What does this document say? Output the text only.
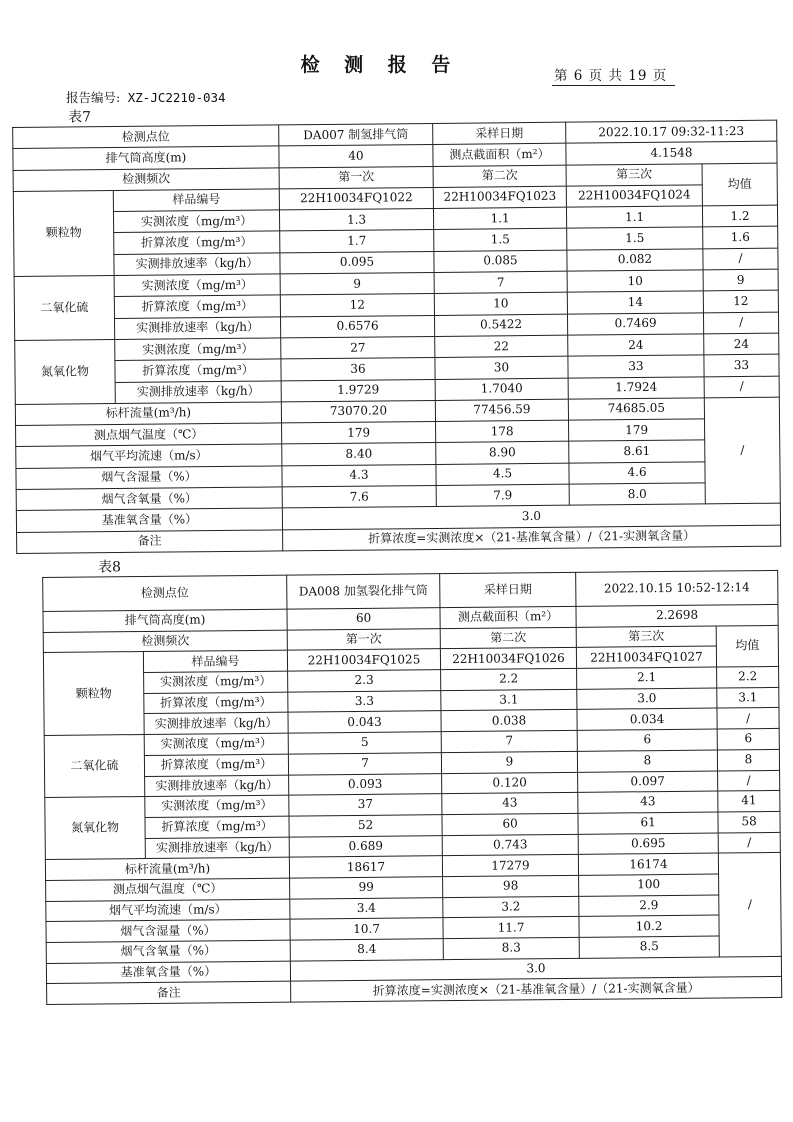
检 测 报 告	第 6 页 共 19 页
报告编号: XZ-JC2210-034
表7
检测点位		DA007 制氢排气筒	采样日期	2022.10.17 09:32-11:23	
排气筒高度(m)		40	测点截面积（m²）	4.1548	
检测频次		第一次	第二次	第三次	均值
颗粒物	样品编号	22H10034FQ1022	22H10034FQ1023	22H10034FQ1024	
	实测浓度（mg/m³）	1.3	1.1	1.1	1.2
	折算浓度（mg/m³）	1.7	1.5	1.5	1.6
	实测排放速率（kg/h）	0.095	0.085	0.082	/
二氧化硫	实测浓度（mg/m³）	9	7	10	9
	折算浓度（mg/m³）	12	10	14	12
	实测排放速率（kg/h）	0.6576	0.5422	0.7469	/
氮氧化物	实测浓度（mg/m³）	27	22	24	24
	折算浓度（mg/m³）	36	30	33	33
	实测排放速率（kg/h）	1.9729	1.7040	1.7924	/
标杆流量(m³/h)		73070.20	77456.59	74685.05	/
测点烟气温度（℃）		179	178	179	
烟气平均流速（m/s）		8.40	8.90	8.61	
烟气含湿量（%）		4.3	4.5	4.6	
烟气含氧量（%）		7.6	7.9	8.0	
基准氧含量（%）		3.0			
备注		折算浓度=实测浓度×（21-基准氧含量）/（21-实测氧含量）			
表8
检测点位		DA008 加氢裂化排气筒	采样日期	2022.10.15 10:52-12:14	
排气筒高度(m)		60	测点截面积（m²）	2.2698	
检测频次		第一次	第二次	第三次	均值
颗粒物	样品编号	22H10034FQ1025	22H10034FQ1026	22H10034FQ1027	
	实测浓度（mg/m³）	2.3	2.2	2.1	2.2
	折算浓度（mg/m³）	3.3	3.1	3.0	3.1
	实测排放速率（kg/h）	0.043	0.038	0.034	/
二氧化硫	实测浓度（mg/m³）	5	7	6	6
	折算浓度（mg/m³）	7	9	8	8
	实测排放速率（kg/h）	0.093	0.120	0.097	/
氮氧化物	实测浓度（mg/m³）	37	43	43	41
	折算浓度（mg/m³）	52	60	61	58
	实测排放速率（kg/h）	0.689	0.743	0.695	/
标杆流量(m³/h)		18617	17279	16174	/
测点烟气温度（℃）		99	98	100	
烟气平均流速（m/s）		3.4	3.2	2.9	
烟气含湿量（%）		10.7	11.7	10.2	
烟气含氧量（%）		8.4	8.3	8.5	
基准氧含量（%）		3.0			
备注		折算浓度=实测浓度×（21-基准氧含量）/（21-实测氧含量）			
